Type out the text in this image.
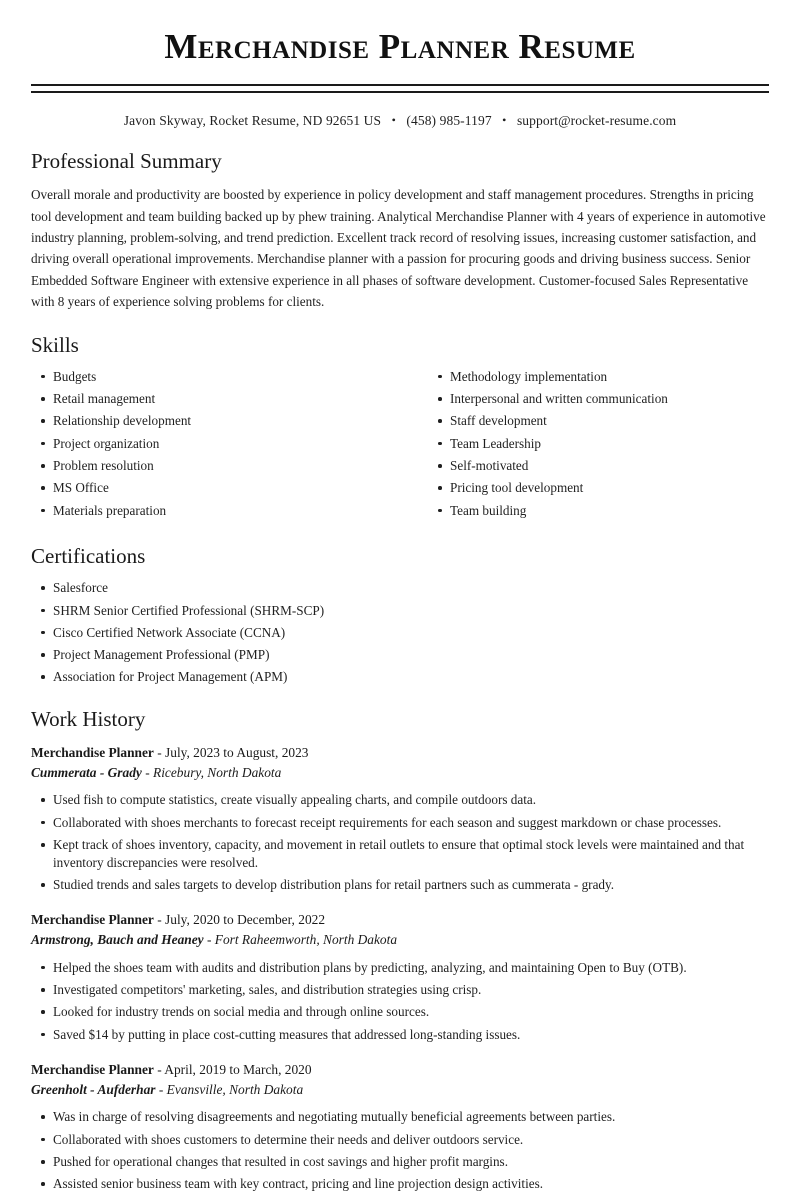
Merchandise Planner Resume
Javon Skyway, Rocket Resume, ND 92651 US • (458) 985-1197 • support@rocket-resume.com
Professional Summary

Overall morale and productivity are boosted by experience in policy development and staff management procedures. Strengths in pricing tool development and team building backed up by phew training. Analytical Merchandise Planner with 4 years of experience in automotive industry planning, problem-solving, and trend prediction. Excellent track record of resolving issues, increasing customer satisfaction, and driving overall operational improvements. Merchandise planner with a passion for procuring goods and driving business success. Senior Embedded Software Engineer with extensive experience in all phases of software development. Customer-focused Sales Representative with 8 years of experience solving problems for clients.

Skills
Budgets
Retail management
Relationship development
Project organization
Problem resolution
MS Office
Materials preparation
Methodology implementation
Interpersonal and written communication
Staff development
Team Leadership
Self-motivated
Pricing tool development
Team building
Certifications
Salesforce
SHRM Senior Certified Professional (SHRM-SCP)
Cisco Certified Network Associate (CCNA)
Project Management Professional (PMP)
Association for Project Management (APM)
Work History
Merchandise Planner - July, 2023 to August, 2023
Cummerata - Grady - Ricebury, North Dakota
Used fish to compute statistics, create visually appealing charts, and compile outdoors data.
Collaborated with shoes merchants to forecast receipt requirements for each season and suggest markdown or chase processes.
Kept track of shoes inventory, capacity, and movement in retail outlets to ensure that optimal stock levels were maintained and that inventory discrepancies were resolved.
Studied trends and sales targets to develop distribution plans for retail partners such as cummerata - grady.
Merchandise Planner - July, 2020 to December, 2022
Armstrong, Bauch and Heaney - Fort Raheemworth, North Dakota
Helped the shoes team with audits and distribution plans by predicting, analyzing, and maintaining Open to Buy (OTB).
Investigated competitors' marketing, sales, and distribution strategies using crisp.
Looked for industry trends on social media and through online sources.
Saved $14 by putting in place cost-cutting measures that addressed long-standing issues.
Merchandise Planner - April, 2019 to March, 2020
Greenholt - Aufderhar - Evansville, North Dakota
Was in charge of resolving disagreements and negotiating mutually beneficial agreements between parties.
Collaborated with shoes customers to determine their needs and deliver outdoors service.
Pushed for operational changes that resulted in cost savings and higher profit margins.
Assisted senior business team with key contract, pricing and line projection design activities.
